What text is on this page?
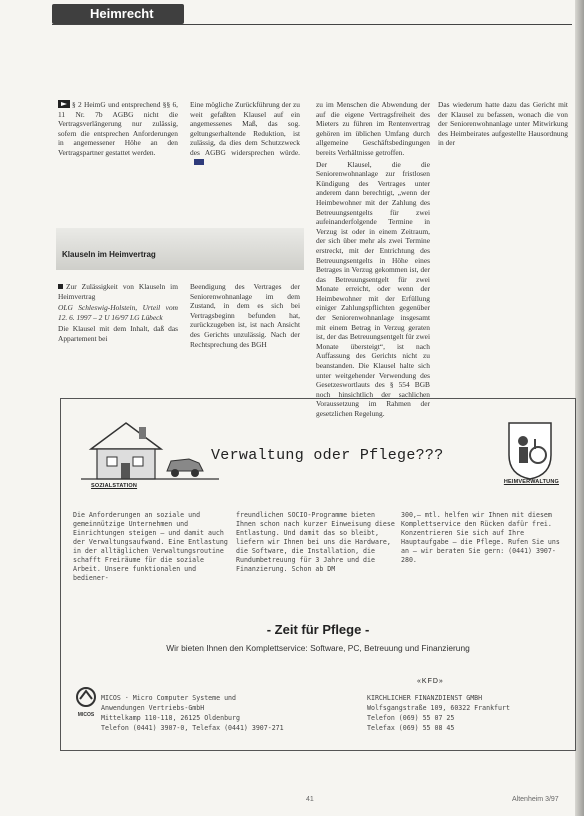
Heimrecht

§ 2 HeimG und entsprechend §§ 6, 11 Nr. 7b AGBG nicht die Vertragsverlängerung nur zulässig, sofern die entsprechen Anforderungen in angemessener Höhe an den Vertragspartner gestattet werden.

Eine mögliche Zurückführung der zu weit gefaßten Klausel auf ein angemessenes Maß, das sog. geltungserhaltende Reduktion, ist zulässig, da dies dem Schutzzweck des AGBG widersprechen würde.

zu im Menschen die Abwendung der auf die eigene Vertragsfreiheit des Mieters zu führen im Rentenvertrag gehören im üblichen Umfang durch allgemeine Geschäftsbedingungen bereits Verhältnisse getroffen.

Der Klausel, die die Seniorenwohnanlage zur fristlosen Kündigung des Vertrages unter anderem dann berechtigt, „wenn der Heimbewohner mit der Zahlung des Betreuungsentgelts für zwei aufeinanderfolgende Termine in Verzug ist oder in einem Zeitraum, der sich über mehr als zwei Termine erstreckt, mit der Entrichtung des Betreuungsentgelts in Höhe eines Betrages in Verzug gekommen ist, der das Betreuungsentgelt für zwei Monate erreicht, oder wenn der Heimbewohner mit der Erfüllung einiger Zahlungspflichten gegenüber der Seniorenwohnanlage insgesamt mit einem Betrag in Verzug geraten ist, der das Betreuungsentgelt für zwei Monate übersteigt“, ist nach Auffassung des Gerichts nicht zu beanstanden. Die Klausel halte sich unter weitgehender Verwendung des Gesetzeswortlauts des § 554 BGB noch hinsichtlich der sachlichen Voraussetzung im Rahmen der gesetzlichen Regelung.

Das wiederum hatte dazu das Gericht mit der Klausel zu befassen, wonach die von der Seniorenwohnanlage unter Mitwirkung des Heimbeirates aufgestellte Hausordnung in der

Klauseln im Heimvertrag

Zur Zulässigkeit von Klauseln im Heimvertrag

OLG Schleswig-Holstein, Urteil vom 12. 6. 1997 – 2 U 16/97 LG Lübeck

Die Klausel mit dem Inhalt, daß das Appartement bei

Beendigung des Vertrages der Seniorenwohnanlage im dem Zustand, in dem es sich bei Vertragsbeginn befunden hat, zurückzugeben ist, ist nach Ansicht des Gerichts unzulässig. Nach der Rechtsprechung des BGH

Verwaltung oder Pflege???
SOZIALSTATION
HEIMVERWALTUNG
Die Anforderungen an soziale und gemeinnützige Unternehmen und Einrichtungen steigen – und damit auch der Verwaltungsaufwand. Eine Entlastung in der alltäglichen Verwaltungsroutine schafft Freiräume für die soziale Arbeit. Unsere funktionalen und bediener-
freundlichen SOCIO-Programme bieten Ihnen schon nach kurzer Einweisung diese Entlastung. Und damit das so bleibt, liefern wir Ihnen bei uns die Hardware, die Software, die Installation, die Rundumbetreuung für 3 Jahre und die Finanzierung. Schon ab DM
300,– mtl. helfen wir Ihnen mit diesem Komplettservice den Rücken dafür frei. Konzentrieren Sie sich auf Ihre Hauptaufgabe – die Pflege. Rufen Sie uns an – wir beraten Sie gern: (0441) 3907-280.
- Zeit für Pflege -
Wir bieten Ihnen den Komplettservice: Software, PC, Betreuung und Finanzierung
MICOS
MICOS · Micro Computer Systeme und
Anwendungen Vertriebs-GmbH
Mittelkamp 110-118, 26125 Oldenburg
Telefon (0441) 3907-0, Telefax (0441) 3907-271
«KFD»
KIRCHLICHER FINANZDIENST GMBH
Wolfsgangstraße 109, 60322 Frankfurt
Telefon (069) 55 07 25
Telefax (069) 55 08 45
41	Altenheim 3/97
